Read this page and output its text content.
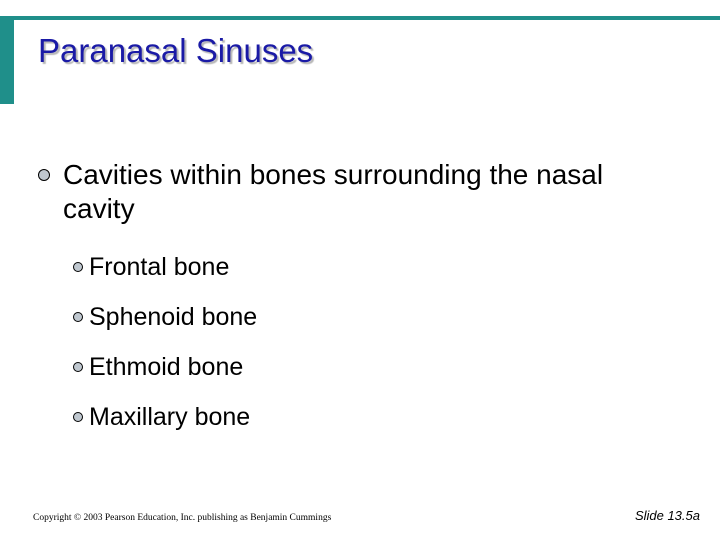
Paranasal Sinuses
Cavities within bones surrounding the nasal cavity
Frontal bone
Sphenoid bone
Ethmoid bone
Maxillary bone
Copyright © 2003 Pearson Education, Inc. publishing as Benjamin Cummings	Slide 13.5a
